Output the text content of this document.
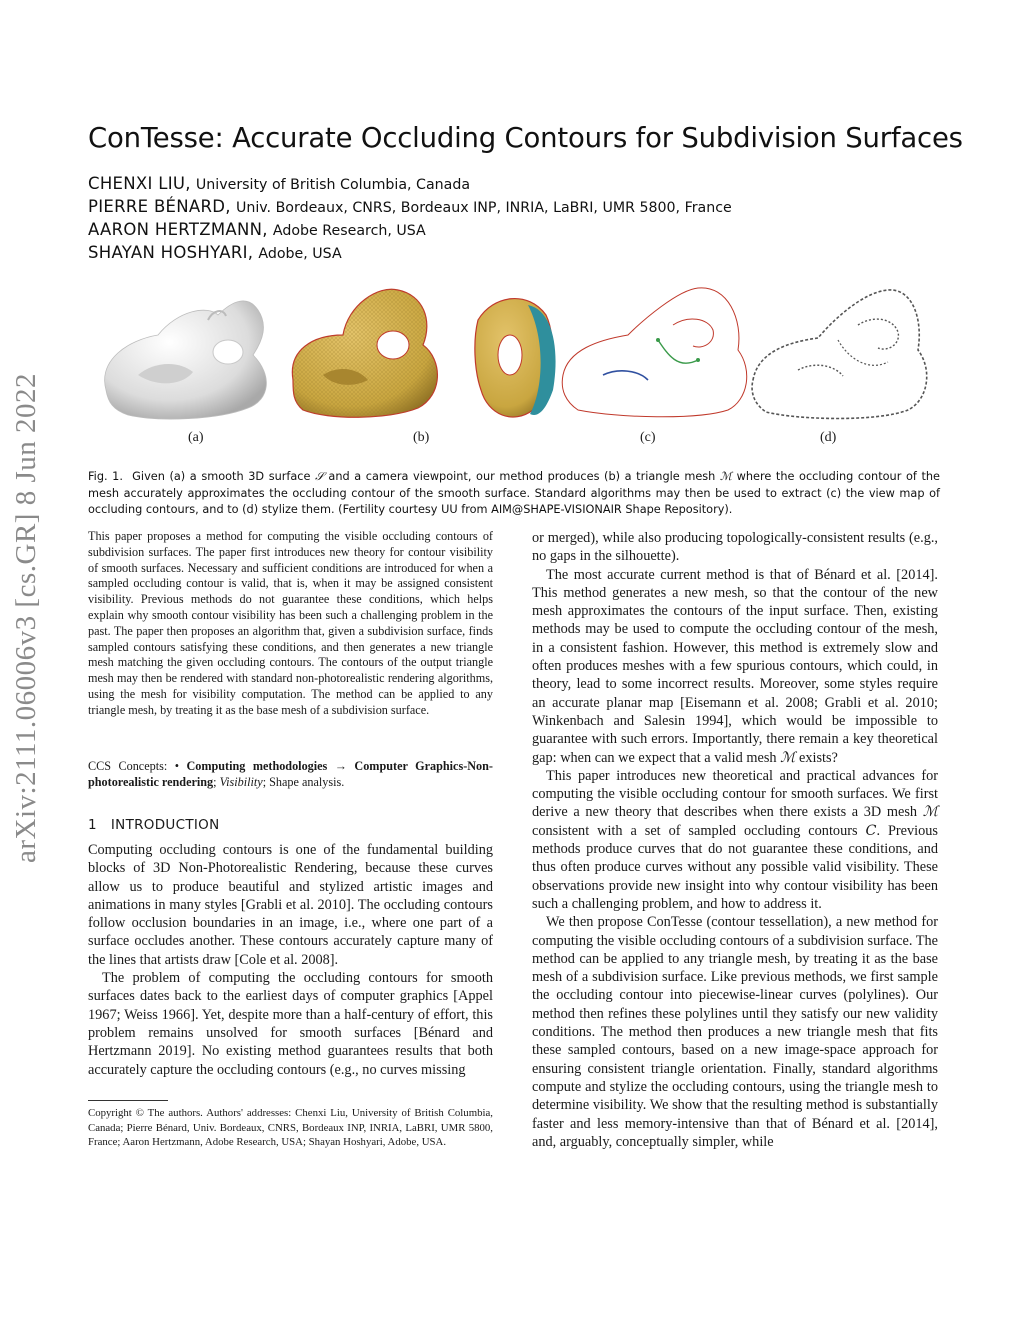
arXiv:2111.06006v3 [cs.GR] 8 Jun 2022
ConTesse: Accurate Occluding Contours for Subdivision Surfaces
CHENXI LIU, University of British Columbia, Canada
PIERRE BÉNARD, Univ. Bordeaux, CNRS, Bordeaux INP, INRIA, LaBRI, UMR 5800, France
AARON HERTZMANN, Adobe Research, USA
SHAYAN HOSHYARI, Adobe, USA
(a)	(b)	(c)	(d)
Fig. 1. Given (a) a smooth 3D surface 𝒮 and a camera viewpoint, our method produces (b) a triangle mesh ℳ where the occluding contour of the mesh accurately approximates the occluding contour of the smooth surface. Standard algorithms may then be used to extract (c) the view map of occluding contours, and to (d) stylize them. (Fertility courtesy UU from AIM@SHAPE-VISIONAIR Shape Repository).
This paper proposes a method for computing the visible occluding contours of subdivision surfaces. The paper first introduces new theory for contour visibility of smooth surfaces. Necessary and sufficient conditions are introduced for when a sampled occluding contour is valid, that is, when it may be assigned consistent visibility. Previous methods do not guarantee these conditions, which helps explain why smooth contour visibility has been such a challenging problem in the past. The paper then proposes an algorithm that, given a subdivision surface, finds sampled contours satisfying these conditions, and then generates a new triangle mesh matching the given occluding contours. The contours of the output triangle mesh may then be rendered with standard non-photorealistic rendering algorithms, using the mesh for visibility computation. The method can be applied to any triangle mesh, by treating it as the base mesh of a subdivision surface.
CCS Concepts: • Computing methodologies → Computer Graphics-Non-photorealistic rendering; Visibility; Shape analysis.
1 INTRODUCTION

Computing occluding contours is one of the fundamental building blocks of 3D Non-Photorealistic Rendering, because these curves allow us to produce beautiful and stylized artistic images and animations in many styles [Grabli et al. 2010]. The occluding contours follow occlusion boundaries in an image, i.e., where one part of a surface occludes another. These contours accurately capture many of the lines that artists draw [Cole et al. 2008].

The problem of computing the occluding contours for smooth surfaces dates back to the earliest days of computer graphics [Appel 1967; Weiss 1966]. Yet, despite more than a half-century of effort, this problem remains unsolved for smooth surfaces [Bénard and Hertzmann 2019]. No existing method guarantees results that both accurately capture the occluding contours (e.g., no curves missing

Copyright © The authors. Authors' addresses: Chenxi Liu, University of British Columbia, Canada; Pierre Bénard, Univ. Bordeaux, CNRS, Bordeaux INP, INRIA, LaBRI, UMR 5800, France; Aaron Hertzmann, Adobe Research, USA; Shayan Hoshyari, Adobe, USA.

or merged), while also producing topologically-consistent results (e.g., no gaps in the silhouette).

The most accurate current method is that of Bénard et al. [2014]. This method generates a new mesh, so that the contour of the new mesh approximates the contours of the input surface. Then, existing methods may be used to compute the occluding contour of the mesh, in a consistent fashion. However, this method is extremely slow and often produces meshes with a few spurious contours, which could, in theory, lead to some incorrect results. Moreover, some styles require an accurate planar map [Eisemann et al. 2008; Grabli et al. 2010; Winkenbach and Salesin 1994], which would be impossible to guarantee with such errors. Importantly, there remain a key theoretical gap: when can we expect that a valid mesh ℳ exists?

This paper introduces new theoretical and practical advances for computing the visible occluding contour for smooth surfaces. We first derive a new theory that describes when there exists a 3D mesh ℳ consistent with a set of sampled occluding contours C. Previous methods produce curves that do not guarantee these conditions, and thus often produce curves without any possible valid visibility. These observations provide new insight into why contour visibility has been such a challenging problem, and how to address it.

We then propose ConTesse (contour tessellation), a new method for computing the visible occluding contours of a subdivision surface. The method can be applied to any triangle mesh, by treating it as the base mesh of a subdivision surface. Like previous methods, we first sample the occluding contour into piecewise-linear curves (polylines). Our method then refines these polylines until they satisfy our new validity conditions. The method then produces a new triangle mesh that fits these sampled contours, based on a new image-space approach for ensuring consistent triangle orientation. Finally, standard algorithms compute and stylize the occluding contours, using the triangle mesh to determine visibility. We show that the resulting method is substantially faster and less memory-intensive than that of Bénard et al. [2014], and, arguably, conceptually simpler, while
